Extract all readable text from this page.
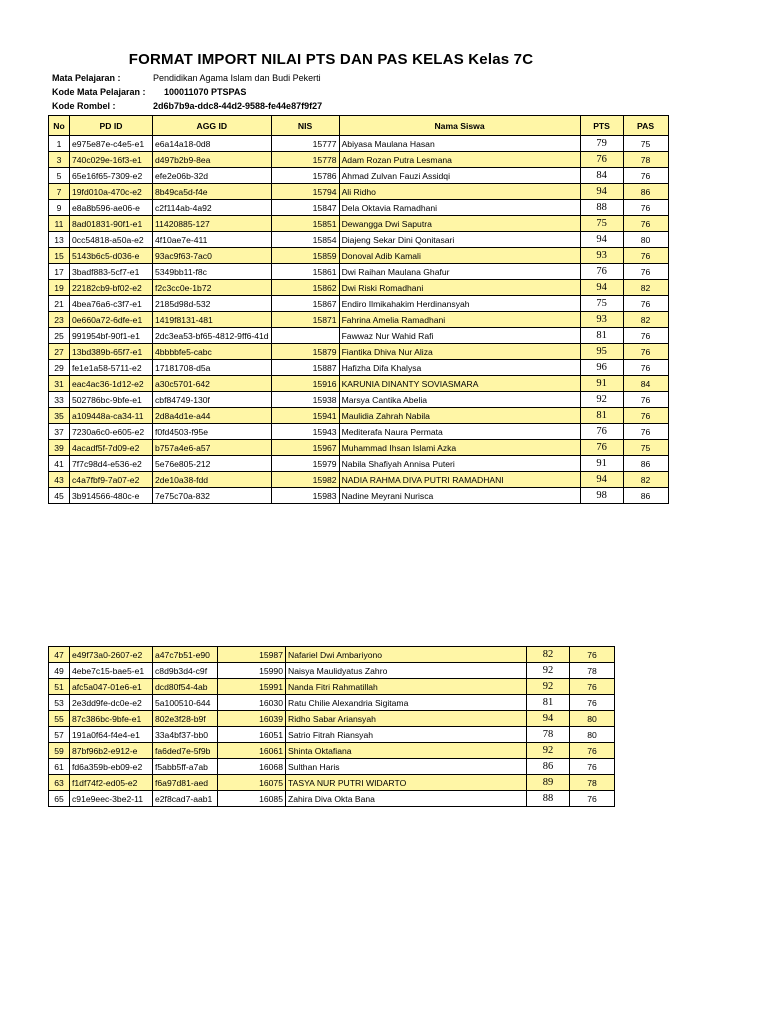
FORMAT IMPORT NILAI PTS DAN PAS KELAS Kelas 7C
Mata Pelajaran :	Pendidikan Agama Islam dan Budi Pekerti
Kode Mata Pelajaran :	100011070 PTSPAS
Kode Rombel :	2d6b7b9a-ddc8-44d2-9588-fe44e87f9f27
No	PD ID	AGG ID	NIS	Nama Siswa	PTS	PAS
1	e975e87e-c4e5-e1	e6a14a18-0d8	15777	Abiyasa Maulana Hasan	79	75
3	740c029e-16f3-e1	d497b2b9-8ea	15778	Adam Rozan Putra Lesmana	76	78
5	65e16f65-7309-e2	efe2e06b-32d	15786	Ahmad Zulvan Fauzi Assidqi	84	76
7	19fd010a-470c-e2	8b49ca5d-f4e	15794	Ali Ridho	94	86
9	e8a8b596-ae06-e	c2f114ab-4a92	15847	Dela Oktavia Ramadhani	88	76
11	8ad01831-90f1-e1	11420885-127	15851	Dewangga Dwi Saputra	75	76
13	0cc54818-a50a-e2	4f10ae7e-411	15854	Diajeng Sekar Dini Qonitasari	94	80
15	5143b6c5-d036-e	93ac9f63-7ac0	15859	Donoval Adib Kamali	93	76
17	3badf883-5cf7-e1	5349bb11-f8c	15861	Dwi Raihan Maulana Ghafur	76	76
19	22182cb9-bf02-e2	f2c3cc0e-1b72	15862	Dwi Riski Romadhani	94	82
21	4bea76a6-c3f7-e1	2185d98d-532	15867	Endiro Ilmikahakim Herdinansyah	75	76
23	0e660a72-6dfe-e1	1419f8131-481	15871	Fahrina Amelia Ramadhani	93	82
25	991954bf-90f1-e1	2dc3ea53-bf65-4812-9ff6-41d		Fawwaz Nur Wahid Rafi	81	76
27	13bd389b-65f7-e1	4bbbbfe5-cabc	15879	Fiantika Dhiva Nur Aliza	95	76
29	fe1e1a58-5711-e2	17181708-d5a	15887	Hafizha Difa Khalysa	96	76
31	eac4ac36-1d12-e2	a30c5701-642	15916	KARUNIA DINANTY SOVIASMARA	91	84
33	502786bc-9bfe-e1	cbf84749-130f	15938	Marsya Cantika Abelia	92	76
35	a109448a-ca34-11	2d8a4d1e-a44	15941	Maulidia Zahrah Nabila	81	76
37	7230a6c0-e605-e2	f0fd4503-f95e	15943	Mediterafa Naura Permata	76	76
39	4acadf5f-7d09-e2	b757a4e6-a57	15967	Muhammad Ihsan Islami Azka	76	75
41	7f7c98d4-e536-e2	5e76e805-212	15979	Nabila Shafiyah Annisa Puteri	91	86
43	c4a7fbf9-7a07-e2	2de10a38-fdd	15982	NADIA RAHMA DIVA PUTRI RAMADHANI	94	82
45	3b914566-480c-e	7e75c70a-832	15983	Nadine Meyrani Nurisca	98	86
47	e49f73a0-2607-e2	a47c7b51-e90	15987	Nafariel Dwi Ambariyono	82	76
49	4ebe7c15-bae5-e1	c8d9b3d4-c9f	15990	Naisya Maulidyatus Zahro	92	78
51	afc5a047-01e6-e1	dcd80f54-4ab	15991	Nanda Fitri Rahmatillah	92	76
53	2e3dd9fe-dc0e-e2	5a100510-644	16030	Ratu Chilie Alexandria Sigitama	81	76
55	87c386bc-9bfe-e1	802e3f28-b9f	16039	Ridho Sabar Ariansyah	94	80
57	191a0f64-f4e4-e1	33a4bf37-bb0	16051	Satrio Fitrah Riansyah	78	80
59	87bf96b2-e912-e	fa6ded7e-5f9b	16061	Shinta Oktafiana	92	76
61	fd6a359b-eb09-e2	f5abb5ff-a7ab	16068	Sulthan Haris	86	76
63	f1df74f2-ed05-e2	f6a97d81-aed	16075	TASYA NUR PUTRI WIDARTO	89	78
65	c91e9eec-3be2-11	e2f8cad7-aab1	16085	Zahira Diva Okta Bana	88	76
